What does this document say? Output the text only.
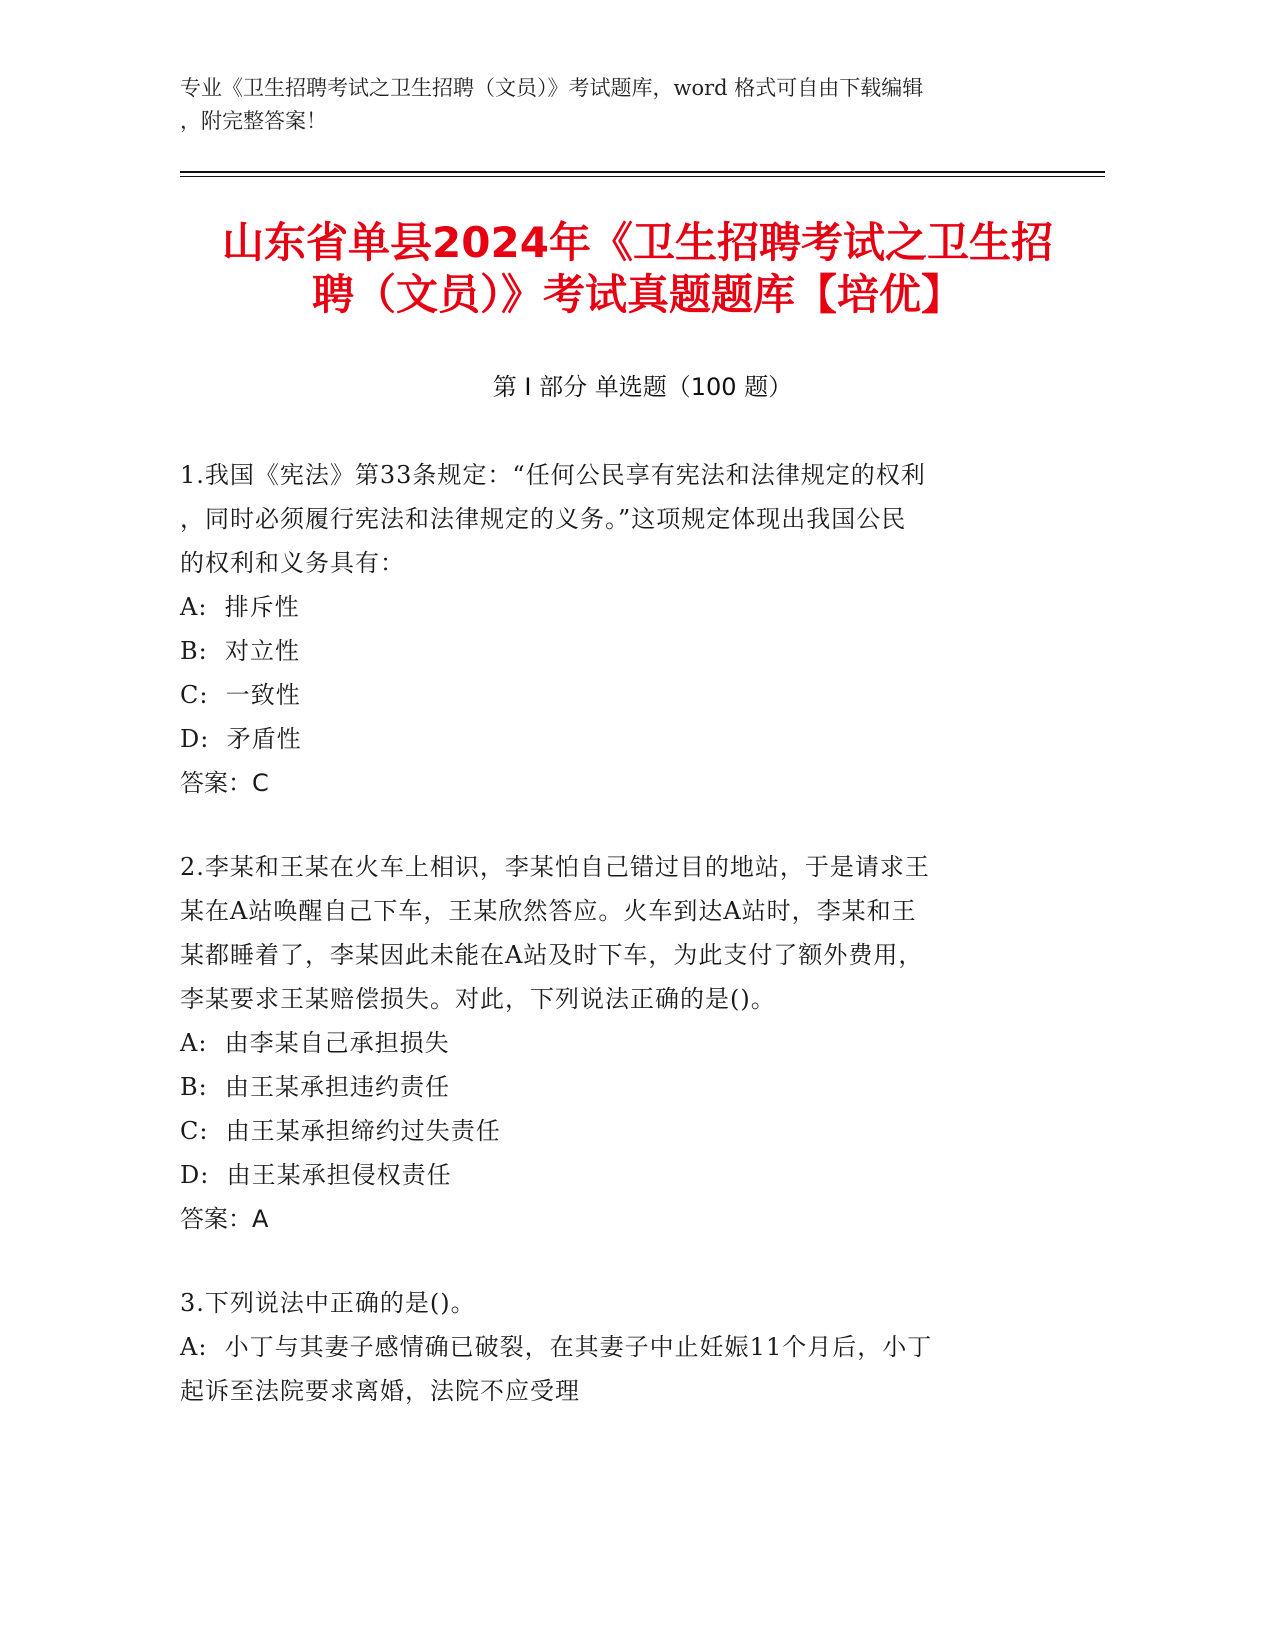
专业《卫生招聘考试之卫生招聘（文员）》考试题库，word 格式可自由下载编辑
，附完整答案！
山东省单县2024年《卫生招聘考试之卫生招
聘（文员）》考试真题题库【培优】
第 I 部分 单选题（100 题）

1.我国《宪法》第33条规定：“任何公民享有宪法和法律规定的权利
，同时必须履行宪法和法律规定的义务。”这项规定体现出我国公民
的权利和义务具有：

A:  排斥性

B:  对立性

C:  一致性

D:  矛盾性

答案：C

2.李某和王某在火车上相识，李某怕自己错过目的地站，于是请求王
某在A站唤醒自己下车，王某欣然答应。火车到达A站时，李某和王
某都睡着了，李某因此未能在A站及时下车，为此支付了额外费用，
李某要求王某赔偿损失。对此，下列说法正确的是()。

A:  由李某自己承担损失

B:  由王某承担违约责任

C:  由王某承担缔约过失责任

D:  由王某承担侵权责任

答案：A

3.下列说法中正确的是()。

A:  小丁与其妻子感情确已破裂，在其妻子中止妊娠11个月后，小丁
起诉至法院要求离婚，法院不应受理
